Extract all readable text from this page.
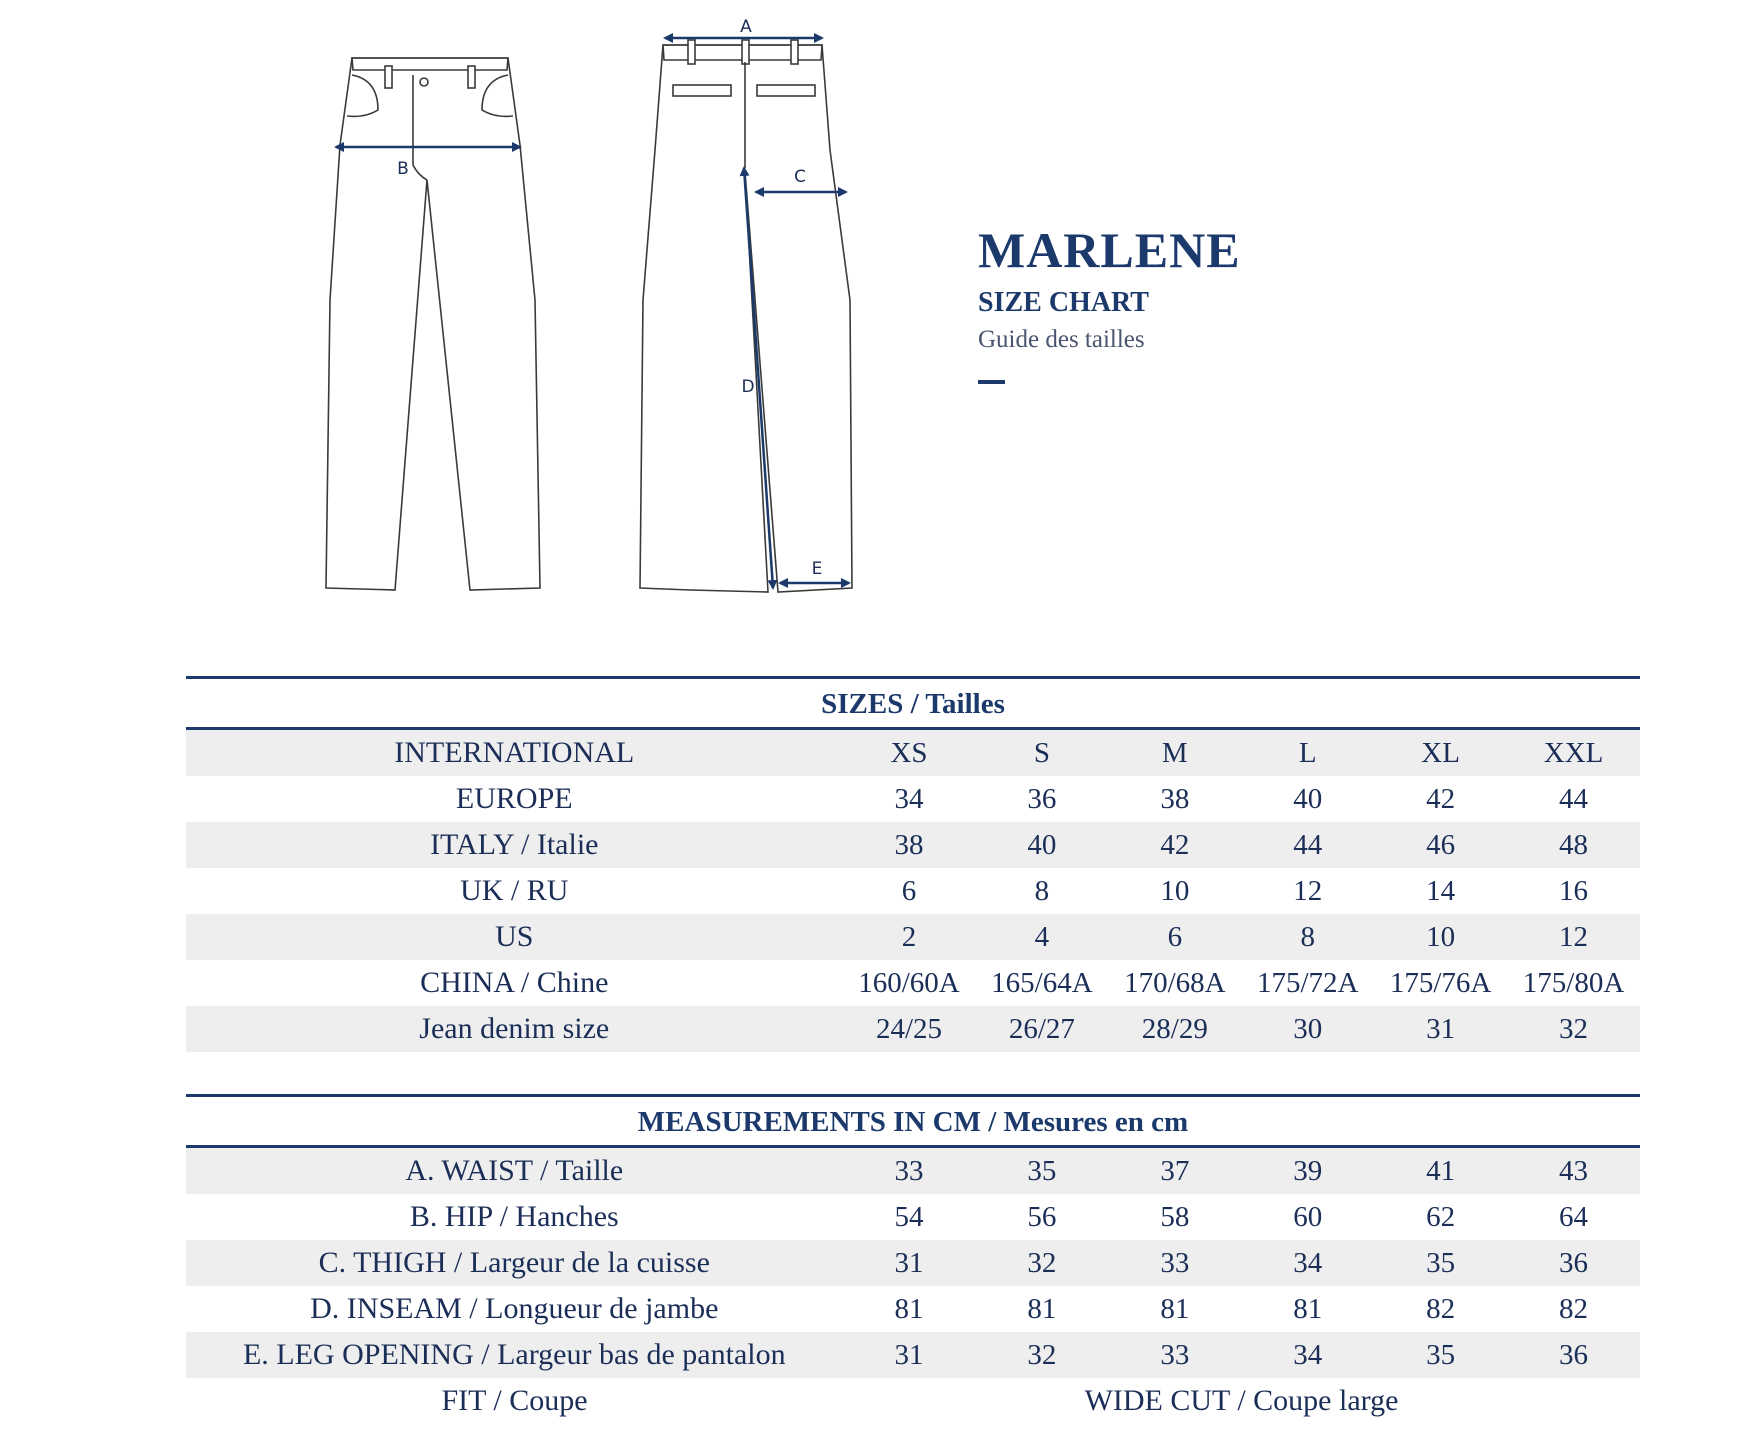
A
B	C
D
E
MARLENE
SIZE CHART
Guide des tailles
SIZES / Tailles
INTERNATIONAL	XS	S	M	L	XL	XXL
EUROPE	34	36	38	40	42	44
ITALY / Italie	38	40	42	44	46	48
UK / RU	6	8	10	12	14	16
US	2	4	6	8	10	12
CHINA / Chine	160/60A	165/64A	170/68A	175/72A	175/76A	175/80A
Jean denim size	24/25	26/27	28/29	30	31	32
MEASUREMENTS IN CM / Mesures en cm
A. WAIST / Taille	33	35	37	39	41	43
B. HIP / Hanches	54	56	58	60	62	64
C. THIGH / Largeur de la cuisse	31	32	33	34	35	36
D. INSEAM / Longueur de jambe	81	81	81	81	82	82
E. LEG OPENING / Largeur bas de pantalon	31	32	33	34	35	36
FIT / Coupe	WIDE CUT / Coupe large
